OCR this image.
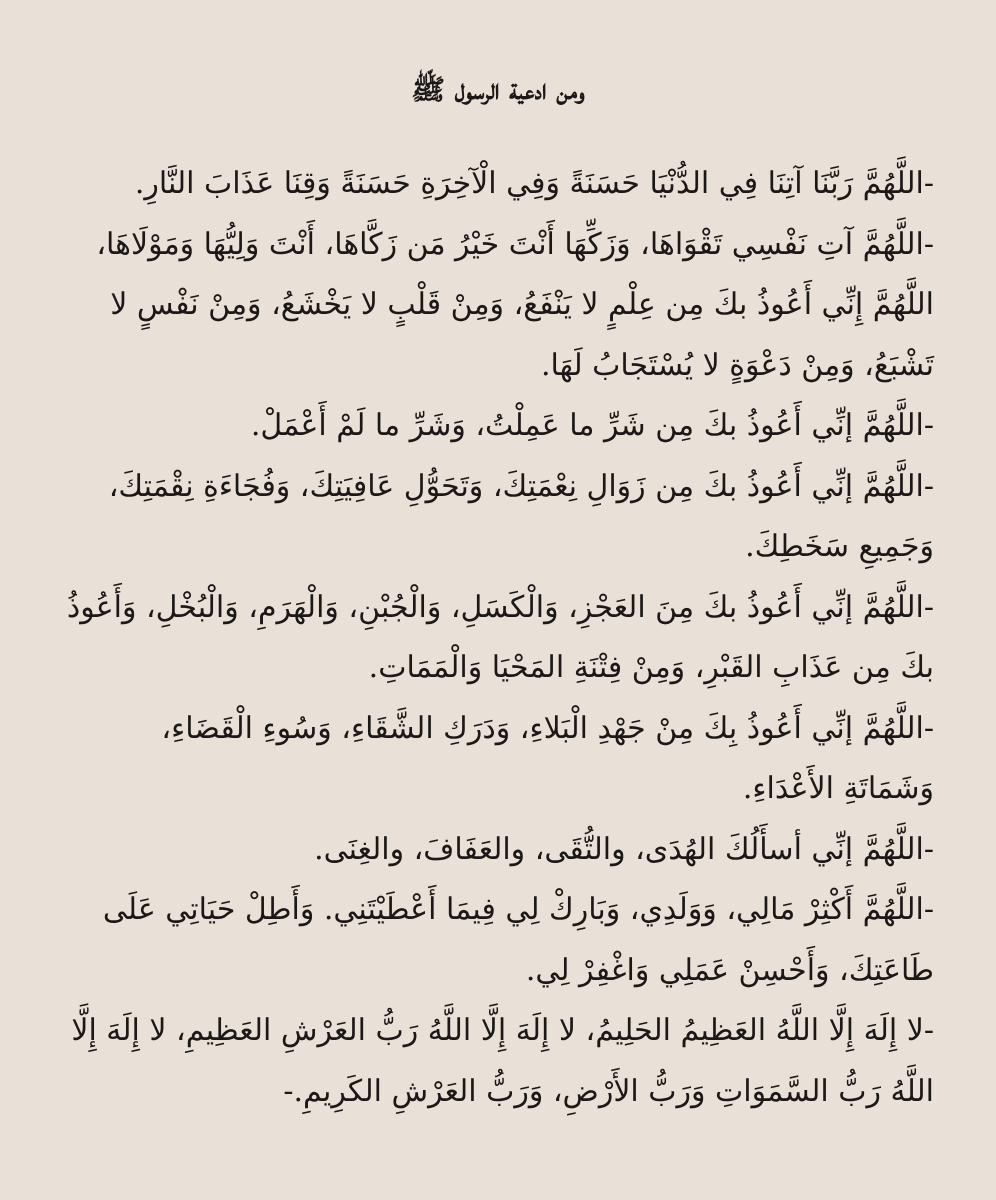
ومن ادعية الرسول ﷺ

-اللَّهُمَّ رَبَّنَا آتِنَا فِي الدُّنْيَا حَسَنَةً وَفِي الْآخِرَةِ حَسَنَةً وَقِنَا عَذَابَ النَّارِ.

-اللَّهُمَّ آتِ نَفْسِي تَقْوَاهَا، وَزَكِّهَا أَنْتَ خَيْرُ مَن زَكَّاهَا، أَنْتَ وَلِيُّهَا وَمَوْلَاهَا، اللَّهُمَّ إِنِّي أَعُوذُ بكَ مِن عِلْمٍ لا يَنْفَعُ، وَمِنْ قَلْبٍ لا يَخْشَعُ، وَمِنْ نَفْسٍ لا تَشْبَعُ، وَمِنْ دَعْوَةٍ لا يُسْتَجَابُ لَهَا.

-اللَّهُمَّ إنِّي أَعُوذُ بكَ مِن شَرِّ ما عَمِلْتُ، وَشَرِّ ما لَمْ أَعْمَلْ.

-اللَّهُمَّ إنِّي أَعُوذُ بكَ مِن زَوَالِ نِعْمَتِكَ، وَتَحَوُّلِ عَافِيَتِكَ، وَفُجَاءَةِ نِقْمَتِكَ، وَجَمِيعِ سَخَطِكَ.

-اللَّهُمَّ إنِّي أَعُوذُ بكَ مِنَ العَجْزِ، وَالْكَسَلِ، وَالْجُبْنِ، وَالْهَرَمِ، وَالْبُخْلِ، وَأَعُوذُ بكَ مِن عَذَابِ القَبْرِ، وَمِنْ فِتْنَةِ المَحْيَا وَالْمَمَاتِ.

-اللَّهُمَّ إنِّي أَعُوذُ بِكَ مِنْ جَهْدِ الْبَلاءِ، وَدَرَكِ الشَّقَاءِ، وَسُوءِ الْقَضَاءِ، وَشَمَاتَةِ الأَعْدَاءِ.

-اللَّهُمَّ إنِّي أسأَلُكَ الهُدَى، والتُّقَى، والعَفَافَ، والغِنَى.

-اللَّهُمَّ أَكْثِرْ مَالِي، وَوَلَدِي، وَبَارِكْ لِي فِيمَا أَعْطَيْتَنِي. وَأَطِلْ حَيَاتِي عَلَى طَاعَتِكَ، وَأَحْسِنْ عَمَلِي وَاغْفِرْ لِي.

-لا إِلَهَ إِلَّا اللَّهُ العَظِيمُ الحَلِيمُ، لا إِلَهَ إِلَّا اللَّهُ رَبُّ العَرْشِ العَظِيمِ، لا إِلَهَ إِلَّا اللَّهُ رَبُّ السَّمَوَاتِ وَرَبُّ الأَرْضِ، وَرَبُّ العَرْشِ الكَرِيمِ.-
